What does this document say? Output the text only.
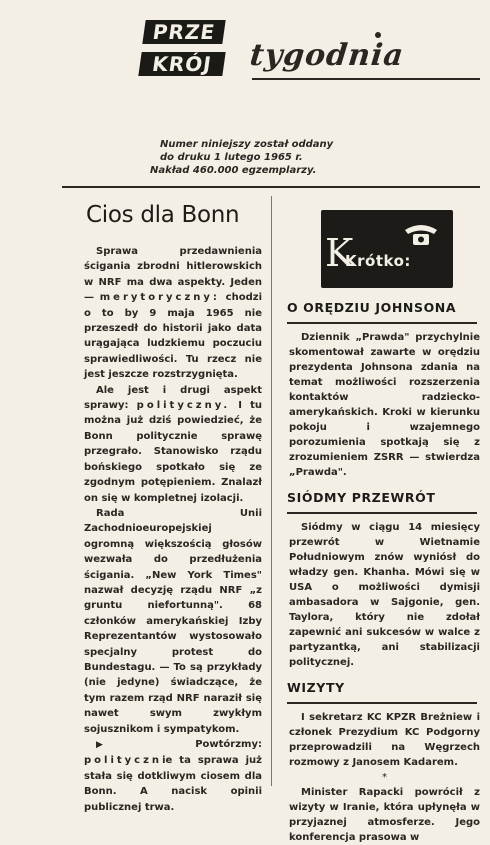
PRZE
KRÓJ	tygodnia
Numer niniejszy został oddany
do druku 1 lutego 1965 r.
Nakład 460.000 egzemplarzy.
Cios dla Bonn

Sprawa przedawnienia ścigania zbrodni hitlerowskich w NRF ma dwa aspekty. Jeden — merytoryczny: chodzi o to by 9 maja 1965 nie przeszedł do historii jako data urągająca ludzkiemu poczuciu sprawiedliwości. Tu rzecz nie jest jeszcze rozstrzygnięta.

Ale jest i drugi aspekt sprawy: polityczny. I tu można już dziś powiedzieć, że Bonn politycznie sprawę przegrało. Stanowisko rządu bońskiego spotkało się ze zgodnym potępieniem. Znalazł on się w kompletnej izolacji.

Rada Unii Zachodnioeuropejskiej ogromną większością głosów wezwała do przedłużenia ścigania. „New York Times" nazwał decyzję rządu NRF „z gruntu niefortunną". 68 członków amerykańskiej Izby Reprezentantów wystosowało specjalny protest do Bundestagu. — To są przykłady (nie jedyne) świadczące, że tym razem rząd NRF naraził się nawet swym zwykłym sojusznikom i sympatykom.

▶ Powtórzmy: politycznie ta sprawa już stała się dotkliwym ciosem dla Bonn. A nacisk opinii publicznej trwa.

K
Krótko:
O ORĘDZIU JOHNSONA

Dziennik „Prawda" przychylnie skomentował zawarte w orędziu prezydenta Johnsona zdania na temat możliwości rozszerzenia kontaktów radziecko-amerykańskich. Kroki w kierunku pokoju i wzajemnego porozumienia spotkają się z zrozumieniem ZSRR — stwierdza „Prawda".

SIÓDMY PRZEWRÓT

Siódmy w ciągu 14 miesięcy przewrót w Wietnamie Południowym znów wyniósł do władzy gen. Khanha. Mówi się w USA o możliwości dymisji ambasadora w Sajgonie, gen. Taylora, który nie zdołał zapewnić ani sukcesów w walce z partyzantką, ani stabilizacji politycznej.

WIZYTY

I sekretarz KC KPZR Breżniew i członek Prezydium KC Podgorny przeprowadzili na Węgrzech rozmowy z Janosem Kadarem.

*

Minister Rapacki powrócił z wizyty w Iranie, która upłynęła w przyjaznej atmosferze. Jego konferencja prasowa w
